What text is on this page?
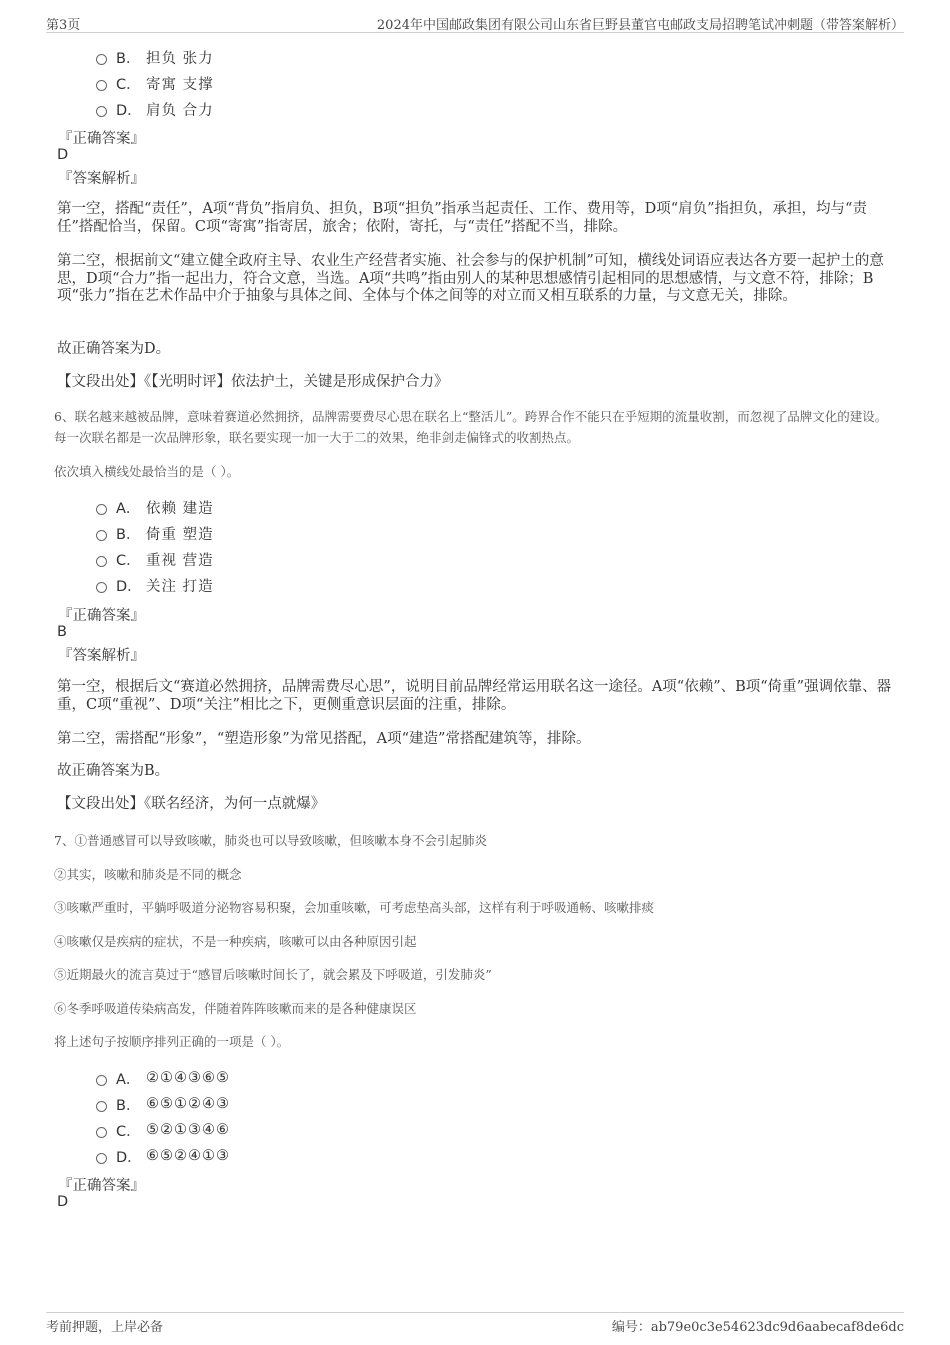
第3页	2024年中国邮政集团有限公司山东省巨野县董官屯邮政支局招聘笔试冲刺题（带答案解析）
B． 担负 张力
C． 寄寓 支撑
D． 肩负 合力
『正确答案』
D
『答案解析』
第一空，搭配“责任”，A项“背负”指肩负、担负，B项“担负”指承当起责任、工作、费用等，D项“肩负”指担负，承担，均与“责任”搭配恰当，保留。C项“寄寓”指寄居，旅舍；依附，寄托，与“责任”搭配不当，排除。
第二空，根据前文“建立健全政府主导、农业生产经营者实施、社会参与的保护机制”可知，横线处词语应表达各方要一起护土的意思，D项“合力”指一起出力，符合文意，当选。A项“共鸣”指由别人的某种思想感情引起相同的思想感情，与文意不符，排除；B项“张力”指在艺术作品中介于抽象与具体之间、全体与个体之间等的对立而又相互联系的力量，与文意无关，排除。
故正确答案为D。
【文段出处】《【光明时评】依法护土，关键是形成保护合力》
6、联名越来越被品牌，意味着赛道必然拥挤，品牌需要费尽心思在联名上“整活儿”。跨界合作不能只在乎短期的流量收割，而忽视了品牌文化的建设。每一次联名都是一次品牌形象，联名要实现一加一大于二的效果，绝非剑走偏锋式的收割热点。
依次填入横线处最恰当的是（ ）。
A． 依赖 建造
B． 倚重 塑造
C． 重视 营造
D． 关注 打造
『正确答案』
B
『答案解析』
第一空，根据后文“赛道必然拥挤，品牌需费尽心思”，说明目前品牌经常运用联名这一途径。A项“依赖”、B项“倚重”强调依靠、器重，C项“重视”、D项“关注”相比之下，更侧重意识层面的注重，排除。
第二空，需搭配“形象”，“塑造形象”为常见搭配，A项“建造”常搭配建筑等，排除。
故正确答案为B。
【文段出处】《联名经济，为何一点就爆》
7、①普通感冒可以导致咳嗽，肺炎也可以导致咳嗽，但咳嗽本身不会引起肺炎
②其实，咳嗽和肺炎是不同的概念
③咳嗽严重时，平躺呼吸道分泌物容易积聚，会加重咳嗽，可考虑垫高头部，这样有利于呼吸通畅、咳嗽排痰
④咳嗽仅是疾病的症状，不是一种疾病，咳嗽可以由各种原因引起
⑤近期最火的流言莫过于“感冒后咳嗽时间长了，就会累及下呼吸道，引发肺炎”
⑥冬季呼吸道传染病高发，伴随着阵阵咳嗽而来的是各种健康误区
将上述句子按顺序排列正确的一项是（ ）。
A． ②①④③⑥⑤
B． ⑥⑤①②④③
C． ⑤②①③④⑥
D． ⑥⑤②④①③
『正确答案』
D
考前押题，上岸必备	编号：ab79e0c3e54623dc9d6aabecaf8de6dc
